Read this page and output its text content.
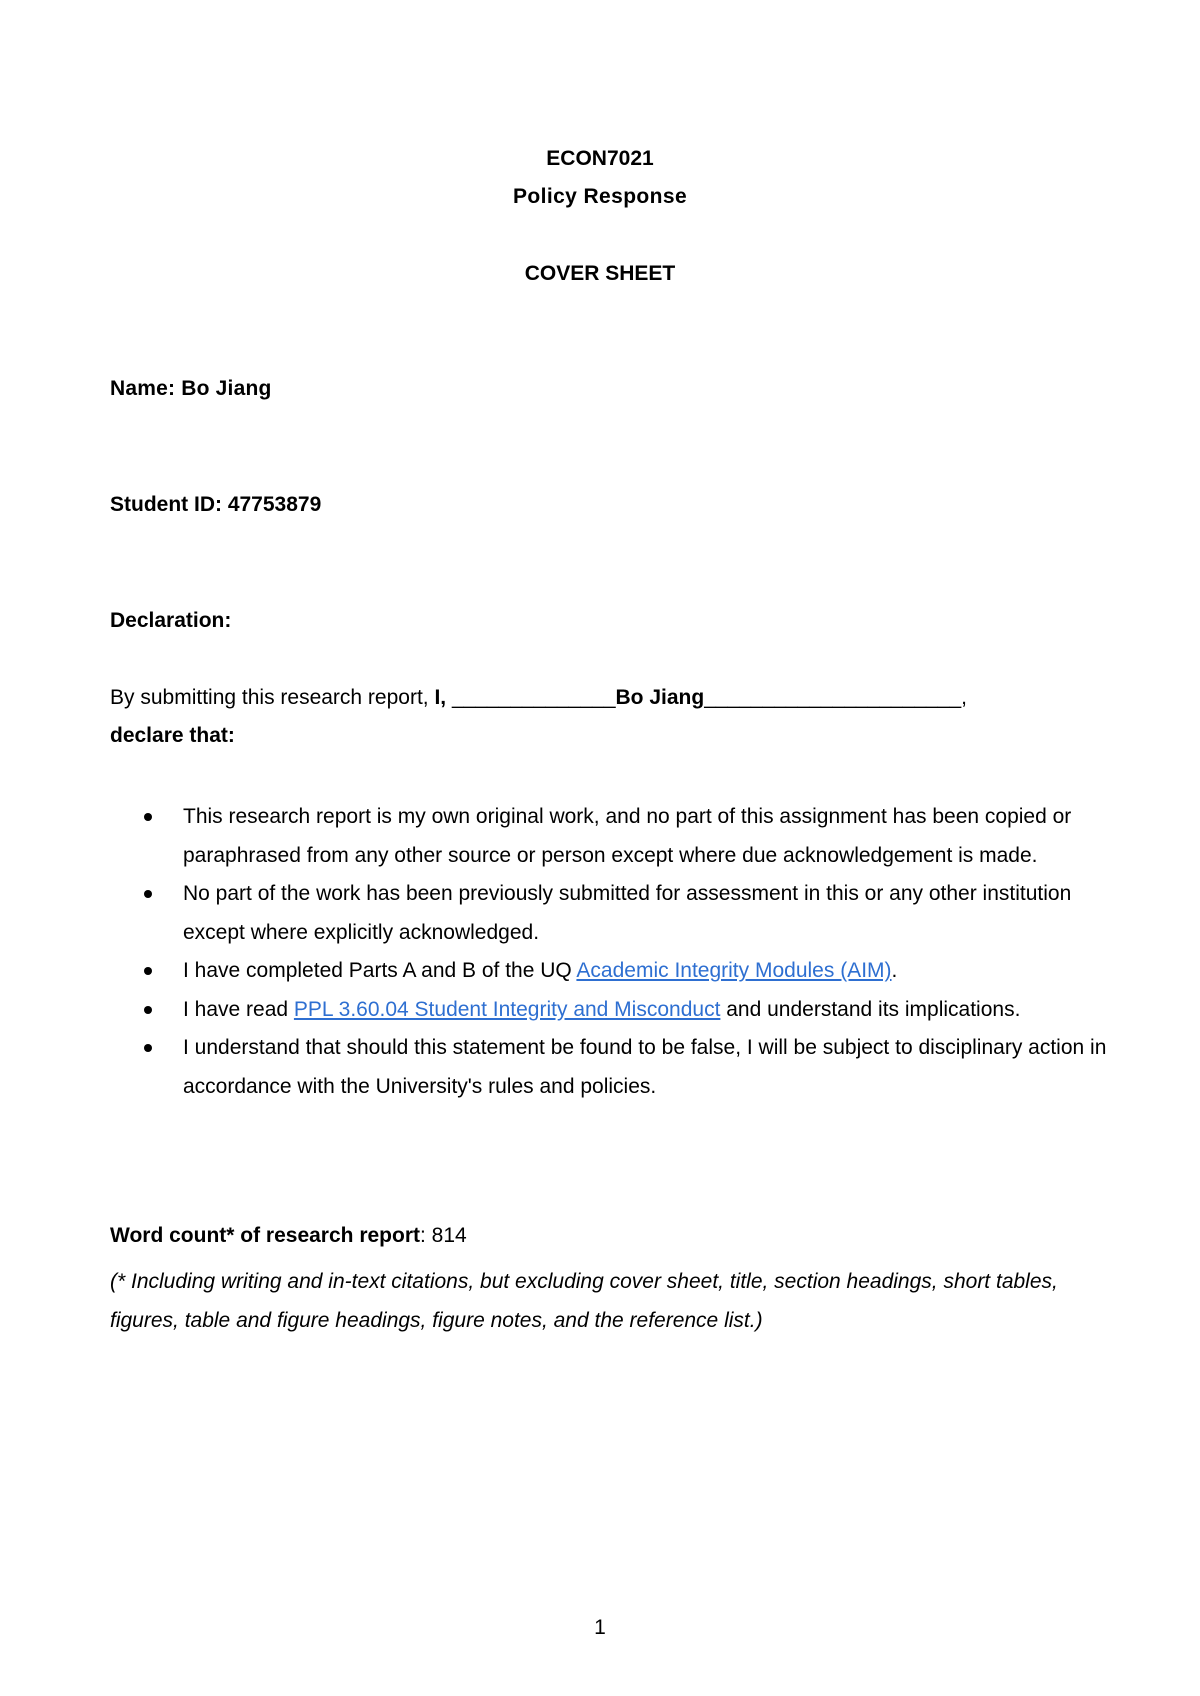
ECON7021
Policy Response
COVER SHEET
Name: Bo Jiang
Student ID: 47753879
Declaration:
By submitting this research report, I, ______________Bo Jiang______________________,
declare that:
This research report is my own original work, and no part of this assignment has been copied or paraphrased from any other source or person except where due acknowledgement is made.
No part of the work has been previously submitted for assessment in this or any other institution except where explicitly acknowledged.
I have completed Parts A and B of the UQ Academic Integrity Modules (AIM).
I have read PPL 3.60.04 Student Integrity and Misconduct and understand its implications.
I understand that should this statement be found to be false, I will be subject to disciplinary action in accordance with the University's rules and policies.
Word count* of research report: 814
(* Including writing and in-text citations, but excluding cover sheet, title, section headings, short tables, figures, table and figure headings, figure notes, and the reference list.)
1
